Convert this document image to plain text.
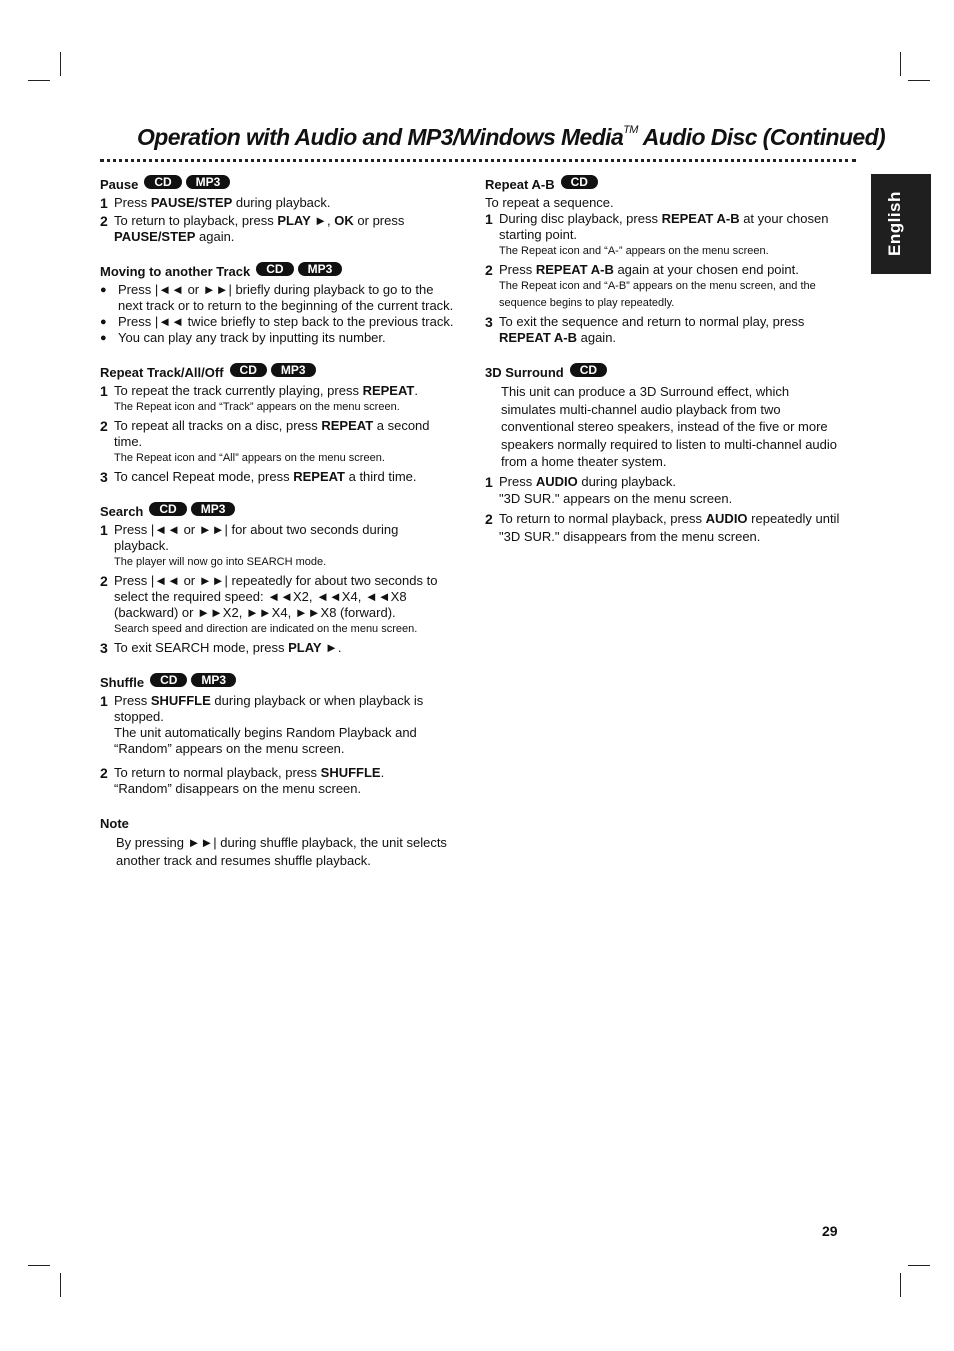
Operation with Audio and MP3/Windows Media™ Audio Disc (Continued)
English
Pause	CD	MP3
1 Press PAUSE/STEP during playback.
2 To return to playback, press PLAY ►, OK or press PAUSE/STEP again.
Moving to another Track	CD	MP3
● Press |◄◄ or ►►| briefly during playback to go to the next track or to return to the beginning of the current track.
● Press |◄◄ twice briefly to step back to the previous track.
● You can play any track by inputting its number.
Repeat Track/All/Off	CD	MP3
1 To repeat the track currently playing, press REPEAT.
The Repeat icon and “Track” appears on the menu screen.
2 To repeat all tracks on a disc, press REPEAT a second time.
The Repeat icon and “All” appears on the menu screen.
3 To cancel Repeat mode, press REPEAT a third time.
Search	CD	MP3
1 Press |◄◄ or ►►| for about two seconds during playback.
The player will now go into SEARCH mode.
2 Press |◄◄ or ►►| repeatedly for about two seconds to select the required speed: ◄◄X2, ◄◄X4, ◄◄X8 (backward) or ►►X2, ►►X4, ►►X8 (forward).
Search speed and direction are indicated on the menu screen.
3 To exit SEARCH mode, press PLAY ►.
Shuffle	CD	MP3
1 Press SHUFFLE during playback or when playback is stopped.
The unit automatically begins Random Playback and “Random” appears on the menu screen.
2 To return to normal playback, press SHUFFLE.
“Random” disappears on the menu screen.
Note
By pressing ►►| during shuffle playback, the unit selects another track and resumes shuffle playback.
Repeat A-B	CD
To repeat a sequence.
1 During disc playback, press REPEAT A-B at your chosen starting point.
The Repeat icon and “A-” appears on the menu screen.
2 Press REPEAT A-B again at your chosen end point.
The Repeat icon and “A-B” appears on the menu screen, and the sequence begins to play repeatedly.
3 To exit the sequence and return to normal play, press REPEAT A-B again.
3D Surround	CD
This unit can produce a 3D Surround effect, which simulates multi-channel audio playback from two conventional stereo speakers, instead of the five or more speakers normally required to listen to multi-channel audio from a home theater system.
1 Press AUDIO during playback.
"3D SUR." appears on the menu screen.
2 To return to normal playback, press AUDIO repeatedly until "3D SUR." disappears from the menu screen.
29
